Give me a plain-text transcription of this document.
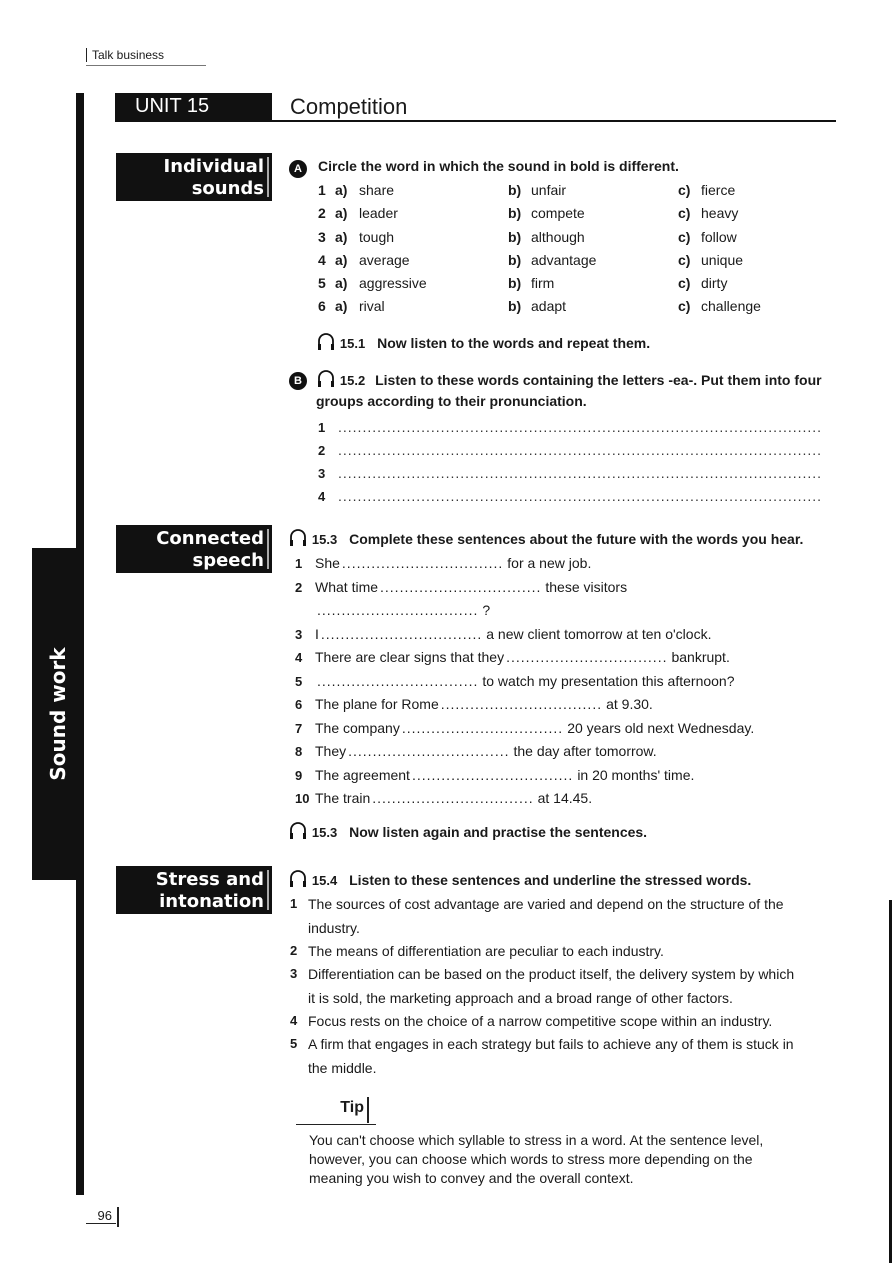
Talk business
Sound work
UNIT 15	Competition
Individual sounds
Connected speech
Stress and intonation
A	Circle the word in which the sound in bold is different.
1 a) share	b) unfair	c) fierce
2 a) leader	b) compete	c) heavy
3 a) tough	b) although	c) follow
4 a) average	b) advantage	c) unique
5 a) aggressive	b) firm	c) dirty
6 a) rival	b) adapt	c) challenge
15.1 Now listen to the words and repeat them.
B	15.2 Listen to these words containing the letters -ea-. Put them into four groups according to their pronunciation.
1 ...................................................................................................
2 ...................................................................................................
3 ...................................................................................................
4 ...................................................................................................
15.3 Complete these sentences about the future with the words you hear.
1 She ................................. for a new job.
2 What time ................................. these visitors
................................. ?
3 I ................................. a new client tomorrow at ten o'clock.
4 There are clear signs that they ................................. bankrupt.
5 ................................. to watch my presentation this afternoon?
6 The plane for Rome ................................. at 9.30.
7 The company ................................. 20 years old next Wednesday.
8 They ................................. the day after tomorrow.
9 The agreement ................................. in 20 months' time.
10 The train ................................. at 14.45.
15.3 Now listen again and practise the sentences.
15.4 Listen to these sentences and underline the stressed words.
1 The sources of cost advantage are varied and depend on the structure of the
industry.
2 The means of differentiation are peculiar to each industry.
3 Differentiation can be based on the product itself, the delivery system by which
it is sold, the marketing approach and a broad range of other factors.
4 Focus rests on the choice of a narrow competitive scope within an industry.
5 A firm that engages in each strategy but fails to achieve any of them is stuck in
the middle.
Tip
You can't choose which syllable to stress in a word. At the sentence level,
however, you can choose which words to stress more depending on the
meaning you wish to convey and the overall context.
96
